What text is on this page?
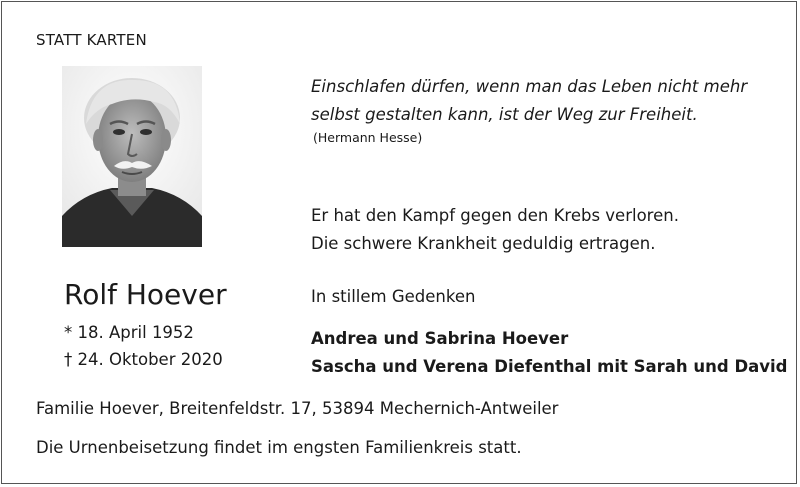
STATT KARTEN

Einschlafen dürfen, wenn man das Leben nicht mehr

selbst gestalten kann, ist der Weg zur Freiheit.

(Hermann Hesse)

Er hat den Kampf gegen den Krebs verloren.

Die schwere Krankheit geduldig ertragen.

Rolf Hoever

* 18. April 1952

† 24. Oktober 2020

In stillem Gedenken

Andrea und Sabrina Hoever

Sascha und Verena Diefenthal mit Sarah und David

Familie Hoever, Breitenfeldstr. 17, 53894 Mechernich-Antweiler
Die Urnenbeisetzung findet im engsten Familienkreis statt.
